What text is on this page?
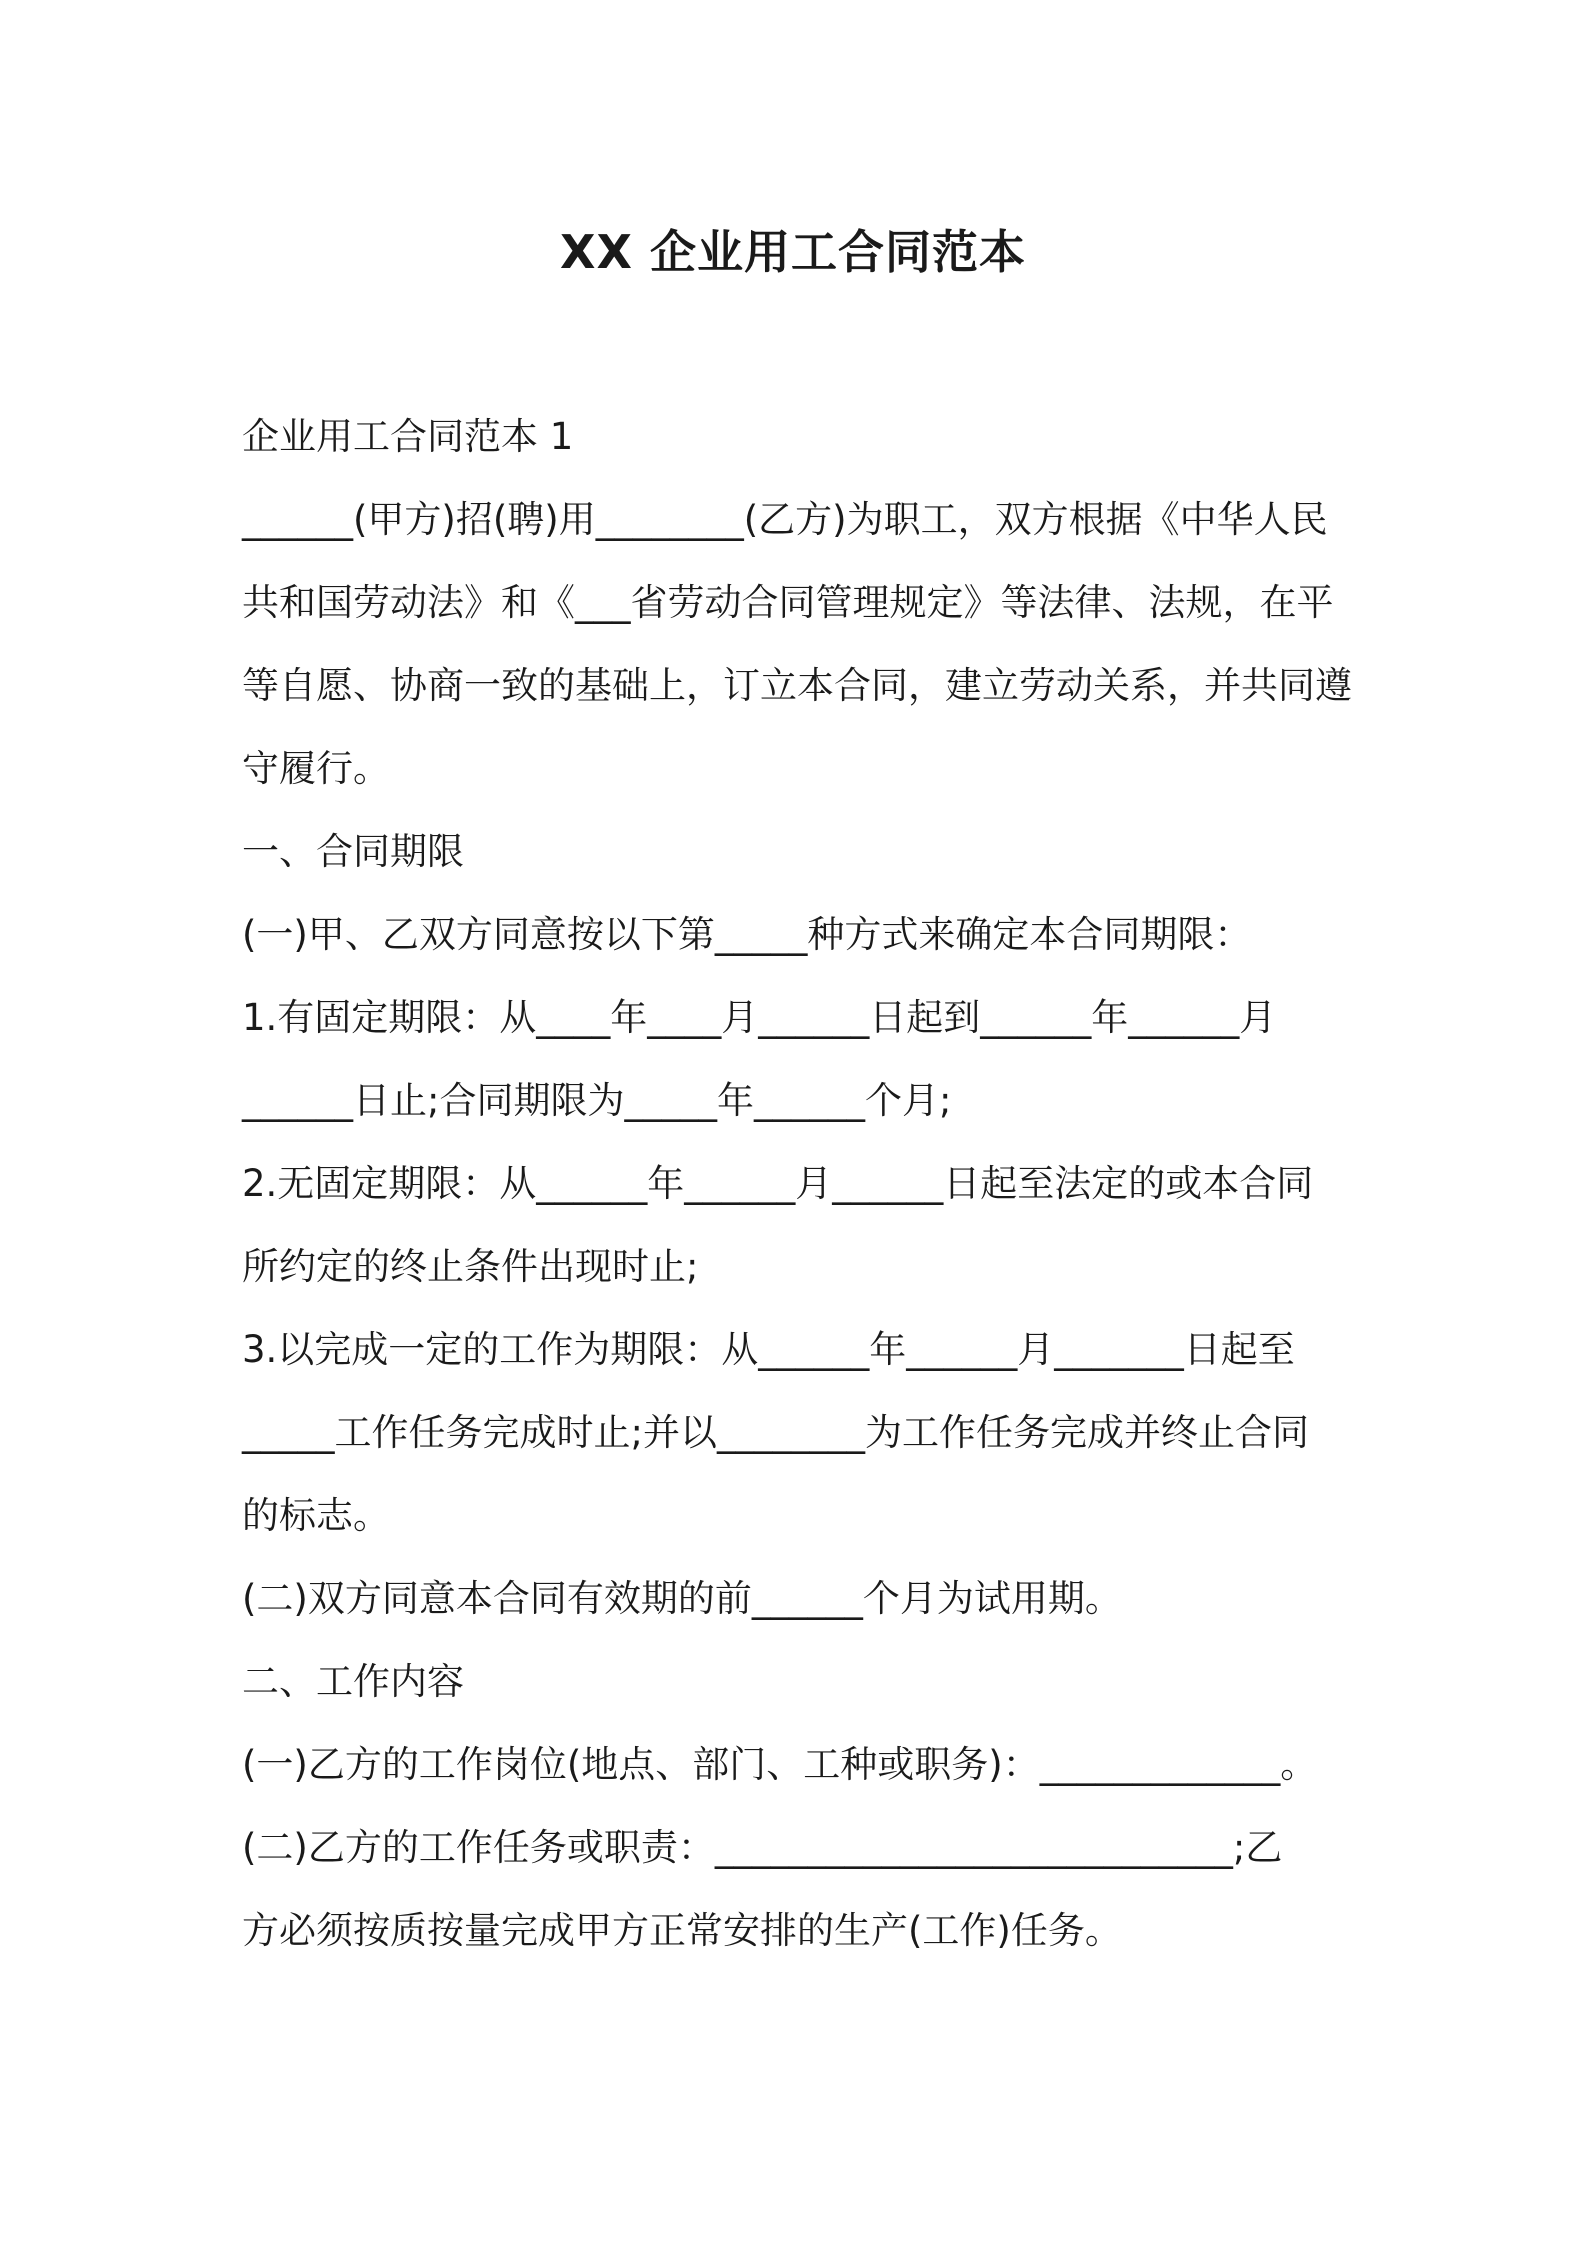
XX 企业用工合同范本
企业用工合同范本 1
______(甲方)招(聘)用________(乙方)为职工，双方根据《中华人民
共和国劳动法》和《___省劳动合同管理规定》等法律、法规，在平
等自愿、协商一致的基础上，订立本合同，建立劳动关系，并共同遵
守履行。
一、合同期限
(一)甲、乙双方同意按以下第_____种方式来确定本合同期限：
1.有固定期限：从____年____月______日起到______年______月
______日止;合同期限为_____年______个月;
2.无固定期限：从______年______月______日起至法定的或本合同
所约定的终止条件出现时止;
3.以完成一定的工作为期限：从______年______月_______日起至
_____工作任务完成时止;并以________为工作任务完成并终止合同
的标志。
(二)双方同意本合同有效期的前______个月为试用期。
二、工作内容
(一)乙方的工作岗位(地点、部门、工种或职务)：_____________。
(二)乙方的工作任务或职责：____________________________;乙
方必须按质按量完成甲方正常安排的生产(工作)任务。
